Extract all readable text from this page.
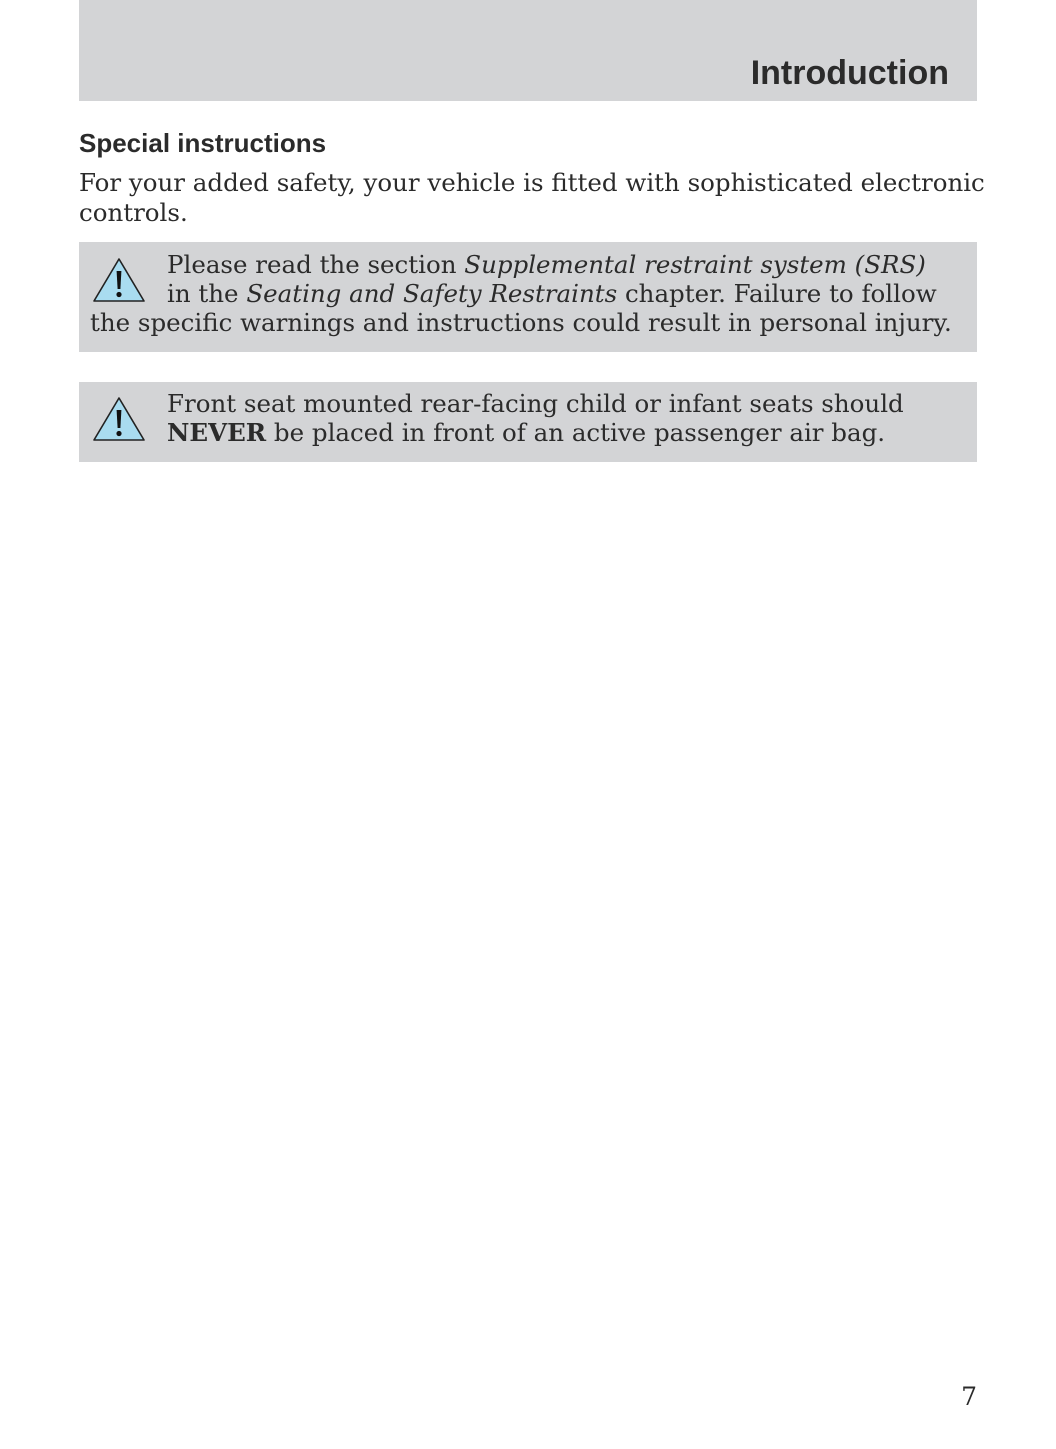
Introduction
Special instructions

For your added safety, your vehicle is fitted with sophisticated electronic
controls.

Please read the section Supplemental restraint system (SRS)
in the Seating and Safety Restraints chapter. Failure to follow
the specific warnings and instructions could result in personal injury.
Front seat mounted rear-facing child or infant seats should
NEVER be placed in front of an active passenger air bag.
7
